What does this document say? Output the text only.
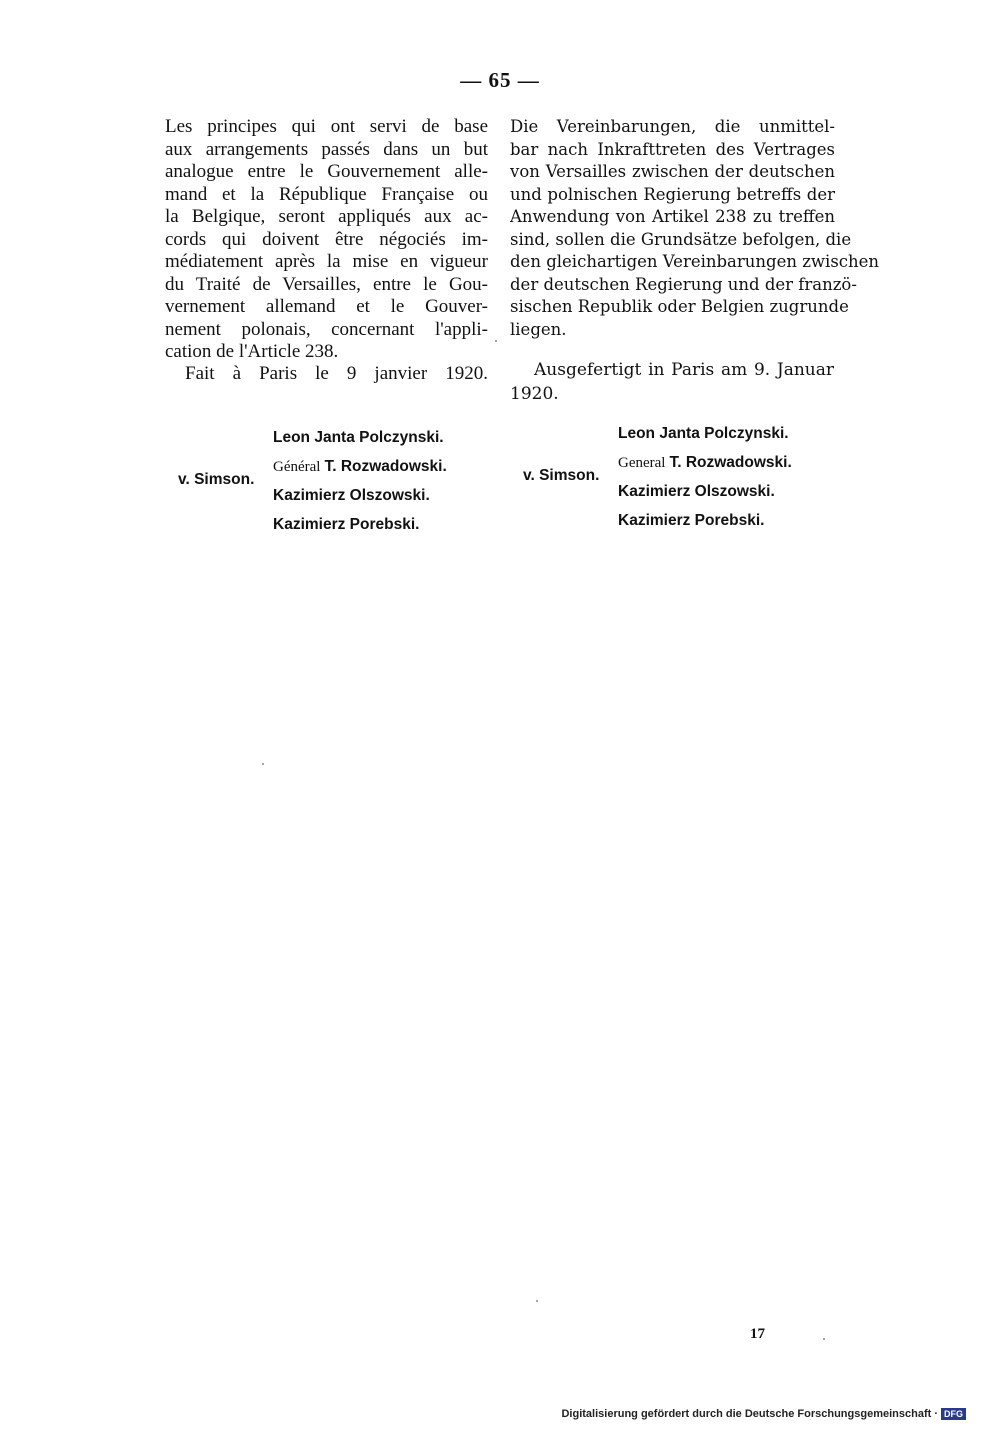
— 65 —

Les principes qui ont servi de base
aux arrangements passés dans un but
analogue entre le Gouvernement alle-
mand et la République Française ou
la Belgique, seront appliqués aux ac-
cords qui doivent être négociés im-
médiatement après la mise en vigueur
du Traité de Versailles, entre le Gou-
vernement allemand et le Gouver-
nement polonais, concernant l'appli-
cation de l'Article 238.

Fait à Paris le 9 janvier 1920.

Die Vereinbarungen, die unmittel-
bar nach Inkrafttreten des Vertrages
von Versailles zwischen der deutschen
und polnischen Regierung betreffs der
Anwendung von Artikel 238 zu treffen
sind, sollen die Grundsätze befolgen, die
den gleichartigen Vereinbarungen zwischen
der deutschen Regierung und der franzö-
sischen Republik oder Belgien zugrunde
liegen.

Ausgefertigt in Paris am 9. Januar
1920.
v. Simson.
Leon Janta Polczynski.
Général T. Rozwadowski.
Kazimierz Olszowski.
Kazimierz Porebski.
v. Simson.
Leon Janta Polczynski.
General T. Rozwadowski.
Kazimierz Olszowski.
Kazimierz Porebski.
17
Digitalisierung gefördert durch die Deutsche Forschungsgemeinschaft · DFG
